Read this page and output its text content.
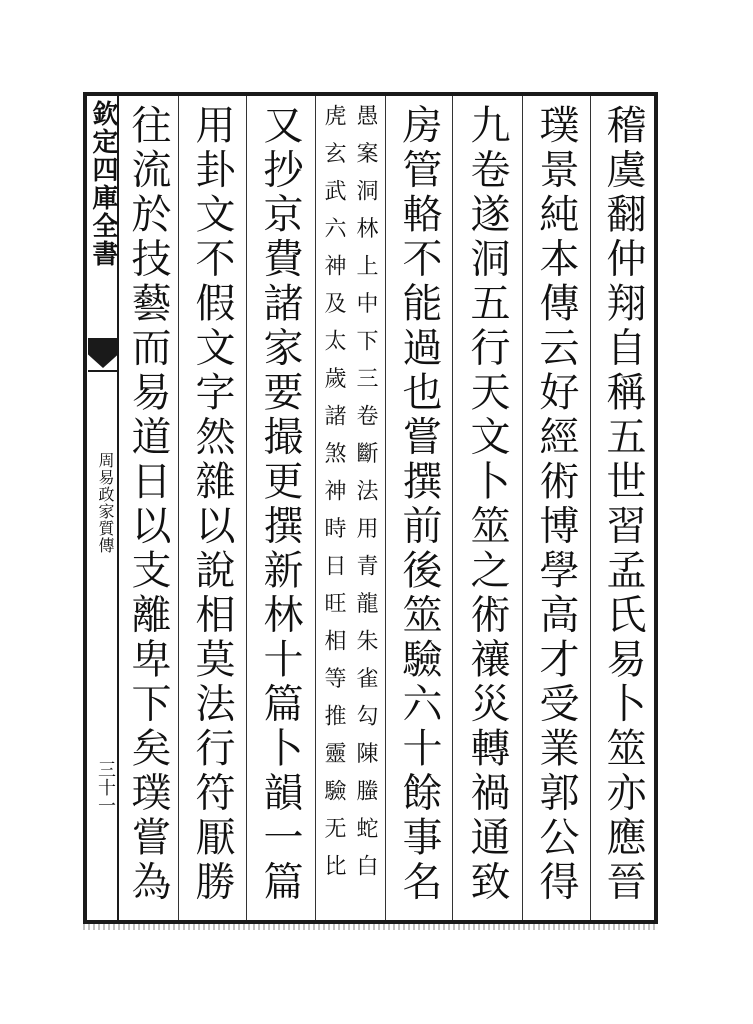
欽定四庫全書
周易政家質傳
三十一
稽虞翻仲翔自稱五世習孟氏易卜筮亦應晉
璞景純本傳云好經術博學高才受業郭公得
九卷遂洞五行天文卜筮之術禳災轉禍通致
房管輅不能過也嘗撰前後筮驗六十餘事名
愚案洞林上中下三卷斷法用青龍朱雀勾陳螣蛇白
虎玄武六神及太歲諸煞神時日旺相等推靈驗无比
又抄京費諸家要撮更撰新林十篇卜韻一篇
用卦文不假文字然雜以說相莫法行符厭勝
往流於技藝而易道日以支離卑下矣璞嘗為
